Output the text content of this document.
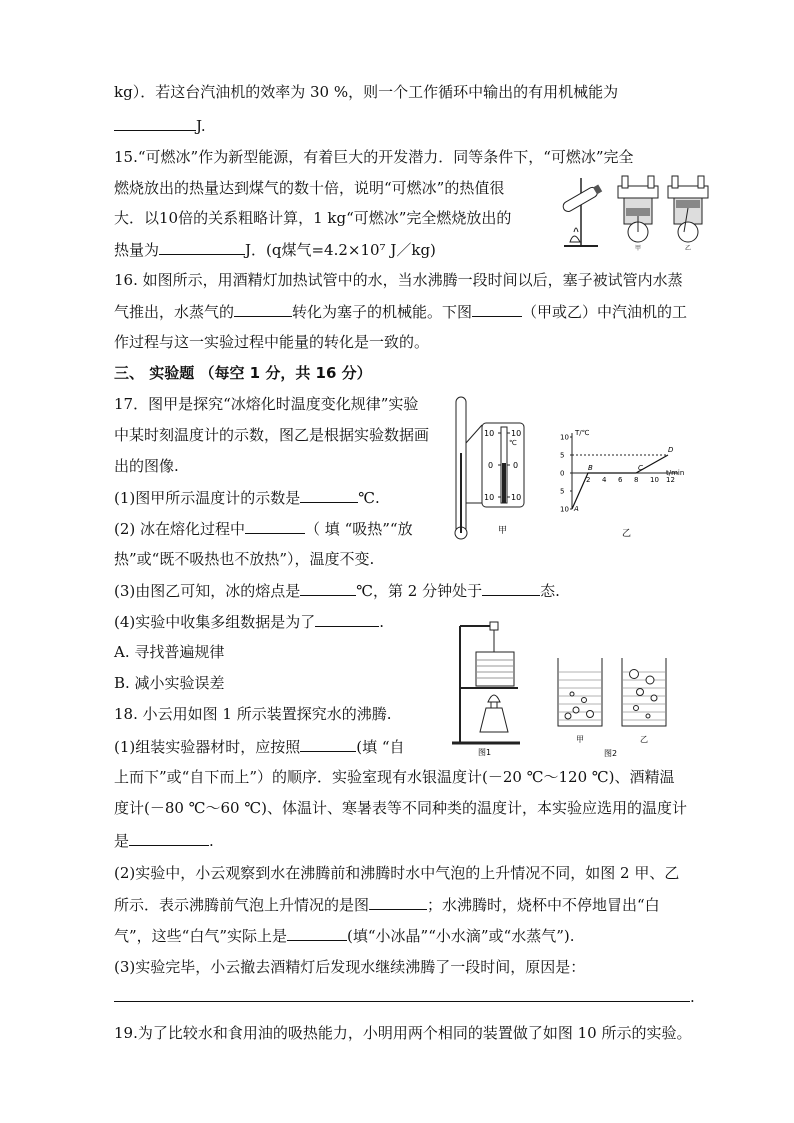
kg）．若这台汽油机的效率为 30 %，则一个工作循环中输出的有用机械能为
J.
15.“可燃冰”作为新型能源，有着巨大的开发潜力．同等条件下，“可燃冰”完全
燃烧放出的热量达到煤气的数十倍，说明“可燃冰”的热值很
大．以10倍的关系粗略计算，1 kg“可燃冰”完全燃烧放出的
热量为	J．(q煤气=4.2×10⁷ J／kg)	甲	乙
16. 如图所示，用酒精灯加热试管中的水，当水沸腾一段时间以后，塞子被试管内水蒸
气推出，水蒸气的	转化为塞子的机械能。下图	（甲或乙）中汽油机的工
作过程与这一实验过程中能量的转化是一致的。
三、 实验题 （每空 1 分，共 16 分）
17．图甲是探究“冰熔化时温度变化规律”实验
中某时刻温度计的示数，图乙是根据实验数据画
出的图像.
(1)图甲所示温度计的示数是	℃.
(2) 冰在熔化过程中	（ 填 “吸热”“放
热”或“既不吸热也不放热”），温度不变.
(3)由图乙可知，冰的熔点是	℃，第 2 分钟处于	态.
(4)实验中收集多组数据是为了	.
A. 寻找普遍规律
B. 减小实验误差
10 10
℃
0 0
10 10
甲
T/℃
t/min
10
5
0
5
10
2 4 6 8 10 12
A
B	C
D
乙
18. 小云用如图 1 所示装置探究水的沸腾.
(1)组装实验器材时，应按照	(填 “自
上而下”或“自下而上”）的顺序．实验室现有水银温度计(－20 ℃～120 ℃)、酒精温
度计(－80 ℃～60 ℃)、体温计、寒暑表等不同种类的温度计，本实验应选用的温度计
是	.
(2)实验中，小云观察到水在沸腾前和沸腾时水中气泡的上升情况不同，如图 2 甲、乙
所示．表示沸腾前气泡上升情况的是图	；水沸腾时，烧杯中不停地冒出“白
气”，这些“白气”实际上是	(填“小冰晶”“小水滴”或“水蒸气”).
(3)实验完毕，小云撤去酒精灯后发现水继续沸腾了一段时间，原因是：
.
图1
甲	乙
图2
19.为了比较水和食用油的吸热能力，小明用两个相同的装置做了如图 10 所示的实验。
